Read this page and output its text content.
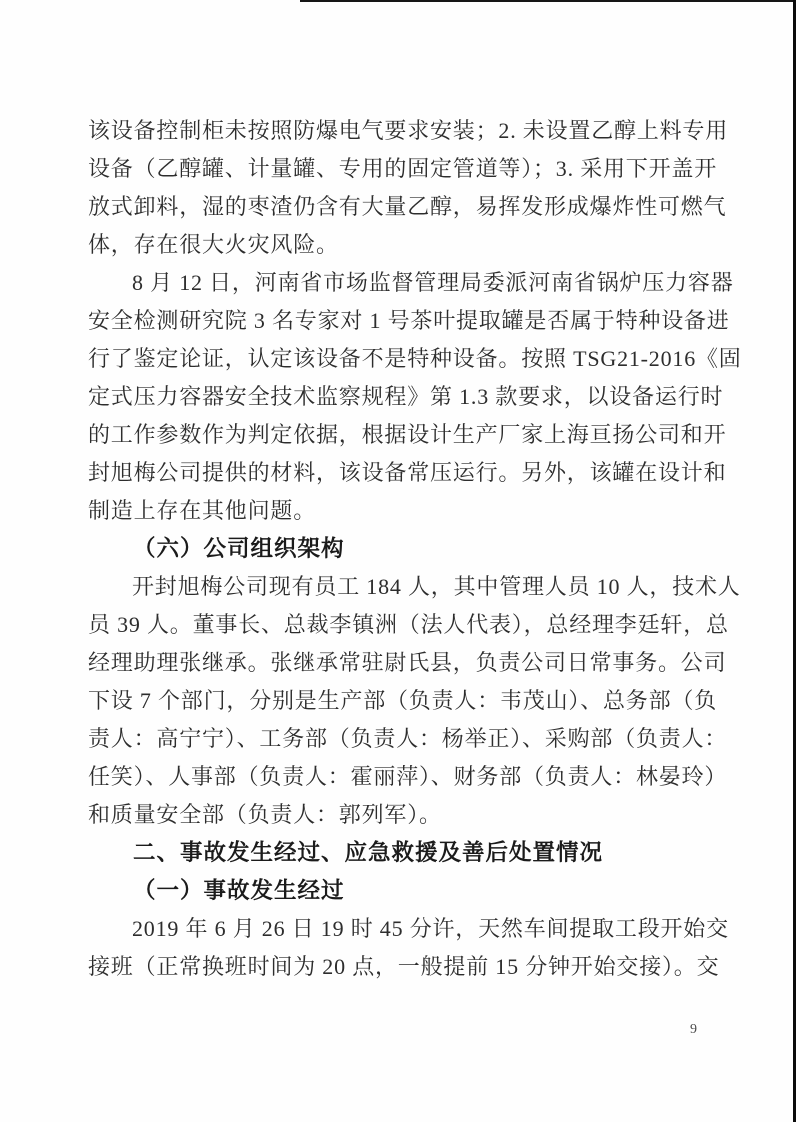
该设备控制柜未按照防爆电气要求安装；2. 未设置乙醇上料专用
设备（乙醇罐、计量罐、专用的固定管道等）；3. 采用下开盖开
放式卸料，湿的枣渣仍含有大量乙醇，易挥发形成爆炸性可燃气
体，存在很大火灾风险。
8 月 12 日，河南省市场监督管理局委派河南省锅炉压力容器
安全检测研究院 3 名专家对 1 号茶叶提取罐是否属于特种设备进
行了鉴定论证，认定该设备不是特种设备。按照 TSG21-2016《固
定式压力容器安全技术监察规程》第 1.3 款要求，以设备运行时
的工作参数作为判定依据，根据设计生产厂家上海亘扬公司和开
封旭梅公司提供的材料，该设备常压运行。另外，该罐在设计和
制造上存在其他问题。
（六）公司组织架构
开封旭梅公司现有员工 184 人，其中管理人员 10 人，技术人
员 39 人。董事长、总裁李镇洲（法人代表），总经理李廷轩，总
经理助理张继承。张继承常驻尉氏县，负责公司日常事务。公司
下设 7 个部门，分别是生产部（负责人：韦茂山）、总务部（负
责人：高宁宁）、工务部（负责人：杨举正）、采购部（负责人：
任笑）、人事部（负责人：霍丽萍）、财务部（负责人：林晏玲）
和质量安全部（负责人：郭列军）。
二、事故发生经过、应急救援及善后处置情况
（一）事故发生经过
2019 年 6 月 26 日 19 时 45 分许，天然车间提取工段开始交
接班（正常换班时间为 20 点，一般提前 15 分钟开始交接）。交
9
